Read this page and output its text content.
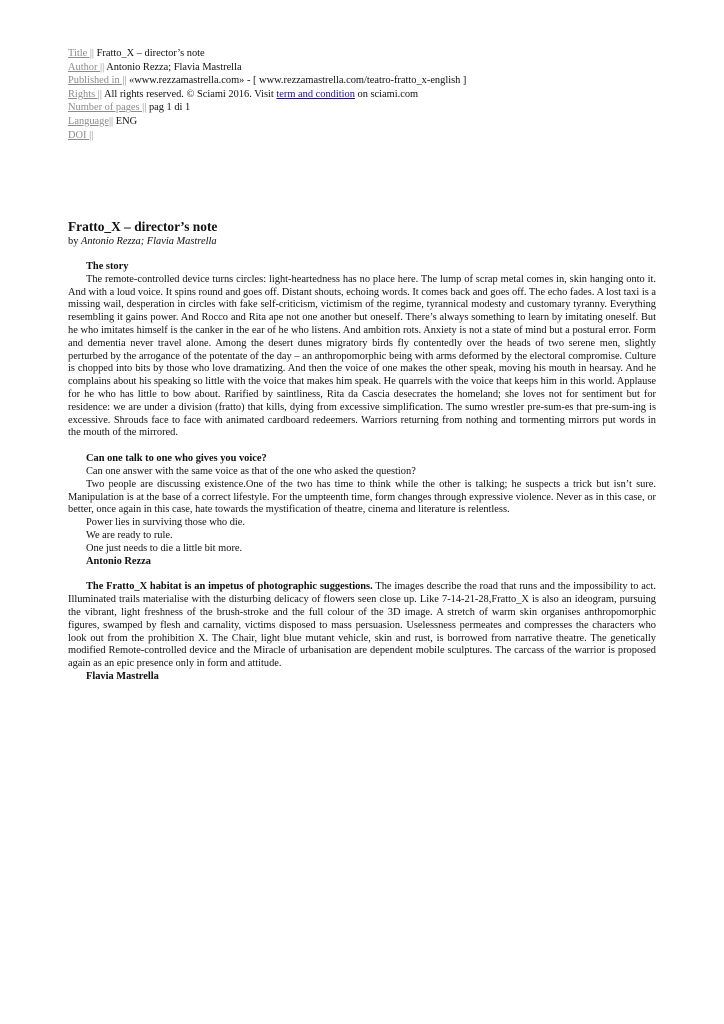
Title || Fratto_X – director’s note
Author || Antonio Rezza; Flavia Mastrella
Published in || «www.rezzamastrella.com» - [ www.rezzamastrella.com/teatro-fratto_x-english ]
Rights || All rights reserved. © Sciami 2016. Visit term and condition on sciami.com
Number of pages || pag 1 di 1
Language|| ENG
DOI ||
Fratto_X – director’s note
by Antonio Rezza; Flavia Mastrella

The story

The remote-controlled device turns circles: light-heartedness has no place here. The lump of scrap metal comes in, skin hanging onto it. And with a loud voice. It spins round and goes off. Distant shouts, echoing words. It comes back and goes off. The echo fades. A lost taxi is a missing wail, desperation in circles with fake self-criticism, victimism of the regime, tyrannical modesty and customary tyranny. Everything resembling it gains power. And Rocco and Rita ape not one another but oneself. There’s always something to learn by imitating oneself. But he who imitates himself is the canker in the ear of he who listens. And ambition rots. Anxiety is not a state of mind but a postural error. Form and dementia never travel alone. Among the desert dunes migratory birds fly contentedly over the heads of two serene men, slightly perturbed by the arrogance of the potentate of the day – an anthropomorphic being with arms deformed by the electoral compromise. Culture is chopped into bits by those who love dramatizing. And then the voice of one makes the other speak, moving his mouth in hearsay. And he complains about his speaking so little with the voice that makes him speak. He quarrels with the voice that keeps him in this world. Applause for he who has little to bow about. Rarified by saintliness, Rita da Cascia desecrates the homeland; she loves not for sentiment but for residence: we are under a division (fratto) that kills, dying from excessive simplification. The sumo wrestler pre-sum-es that pre-sum-ing is excessive. Shrouds face to face with animated cardboard redeemers. Warriors returning from nothing and tormenting mirrors put words in the mouth of the mirrored.

Can one talk to one who gives you voice?

Can one answer with the same voice as that of the one who asked the question?

Two people are discussing existence.One of the two has time to think while the other is talking; he suspects a trick but isn’t sure. Manipulation is at the base of a correct lifestyle. For the umpteenth time, form changes through expressive violence. Never as in this case, or better, once again in this case, hate towards the mystification of theatre, cinema and literature is relentless.

Power lies in surviving those who die.

We are ready to rule.

One just needs to die a little bit more.

Antonio Rezza

The Fratto_X habitat is an impetus of photographic suggestions. The images describe the road that runs and the impossibility to act. Illuminated trails materialise with the disturbing delicacy of flowers seen close up. Like 7-14-21-28,Fratto_X is also an ideogram, pursuing the vibrant, light freshness of the brush-stroke and the full colour of the 3D image. A stretch of warm skin organises anthropomorphic figures, swamped by flesh and carnality, victims disposed to mass persuasion. Uselessness permeates and compresses the characters who look out from the prohibition X. The Chair, light blue mutant vehicle, skin and rust, is borrowed from narrative theatre. The genetically modified Remote-controlled device and the Miracle of urbanisation are dependent mobile sculptures. The carcass of the warrior is proposed again as an epic presence only in form and attitude.

Flavia Mastrella
